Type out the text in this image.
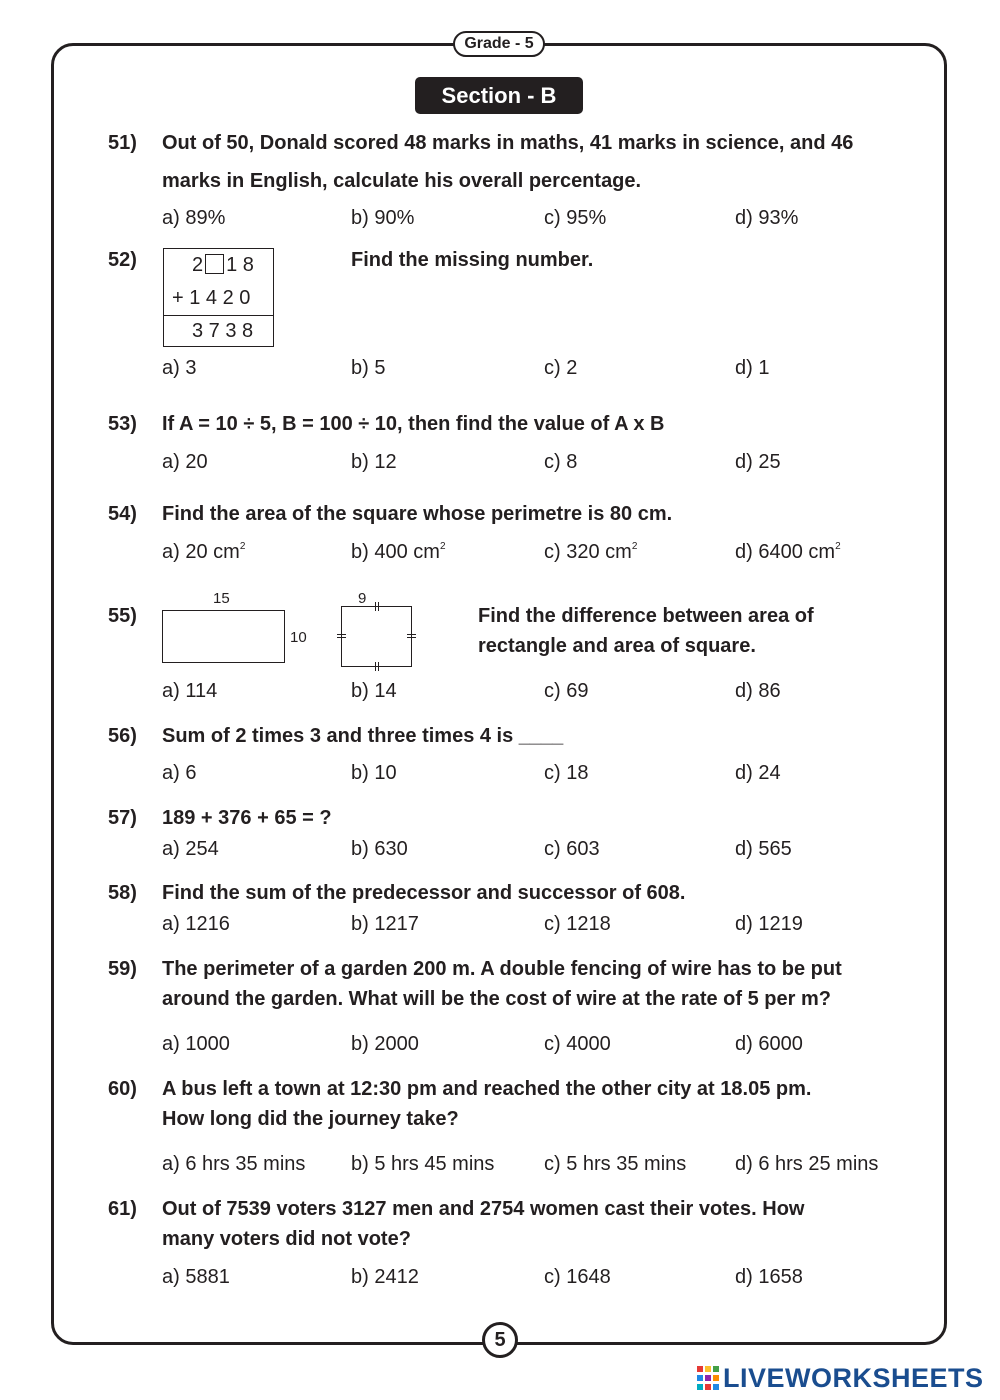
Grade - 5
Section - B
51) Out of 50, Donald scored 48 marks in maths, 41 marks in science, and 46
marks in English, calculate his overall percentage.
a) 89%	b) 90%	c) 95%	d) 93%
52)	2 1 8
+ 1 4 2 0
3 7 3 8
Find the missing number.
a) 3	b) 5	c) 2	d) 1
53) If A = 10 ÷ 5, B = 100 ÷ 10, then find the value of A x B
a) 20	b) 12	c) 8	d) 25
54) Find the area of the square whose perimetre is 80 cm.
a) 20 $cm^2$	b) 400 $cm^2$	c) 320 $cm^2$	d) 6400 $cm^2$
55)
15
10
9
Find the difference between area of
rectangle and area of square.
a) 114	b) 14	c) 69	d) 86
56) Sum of 2 times 3 and three times 4 is ____
a) 6	b) 10	c) 18	d) 24
57) 189 + 376 + 65 = ?
a) 254	b) 630	c) 603	d) 565
58) Find the sum of the predecessor and successor of 608.
a) 1216	b) 1217	c) 1218	d) 1219
59) The perimeter of a garden 200 m. A double fencing of wire has to be put
around the garden. What will be the cost of wire at the rate of 5 per m?
a) 1000	b) 2000	c) 4000	d) 6000
60) A bus left a town at 12:30 pm and reached the other city at 18.05 pm.
How long did the journey take?
a) 6 hrs 35 mins b) 5 hrs 45 mins c) 5 hrs 35 mins d) 6 hrs 25 mins
61) Out of 7539 voters 3127 men and 2754 women cast their votes. How
many voters did not vote?
a) 5881	b) 2412	c) 1648	d) 1658
5
LIVEWORKSHEETS
